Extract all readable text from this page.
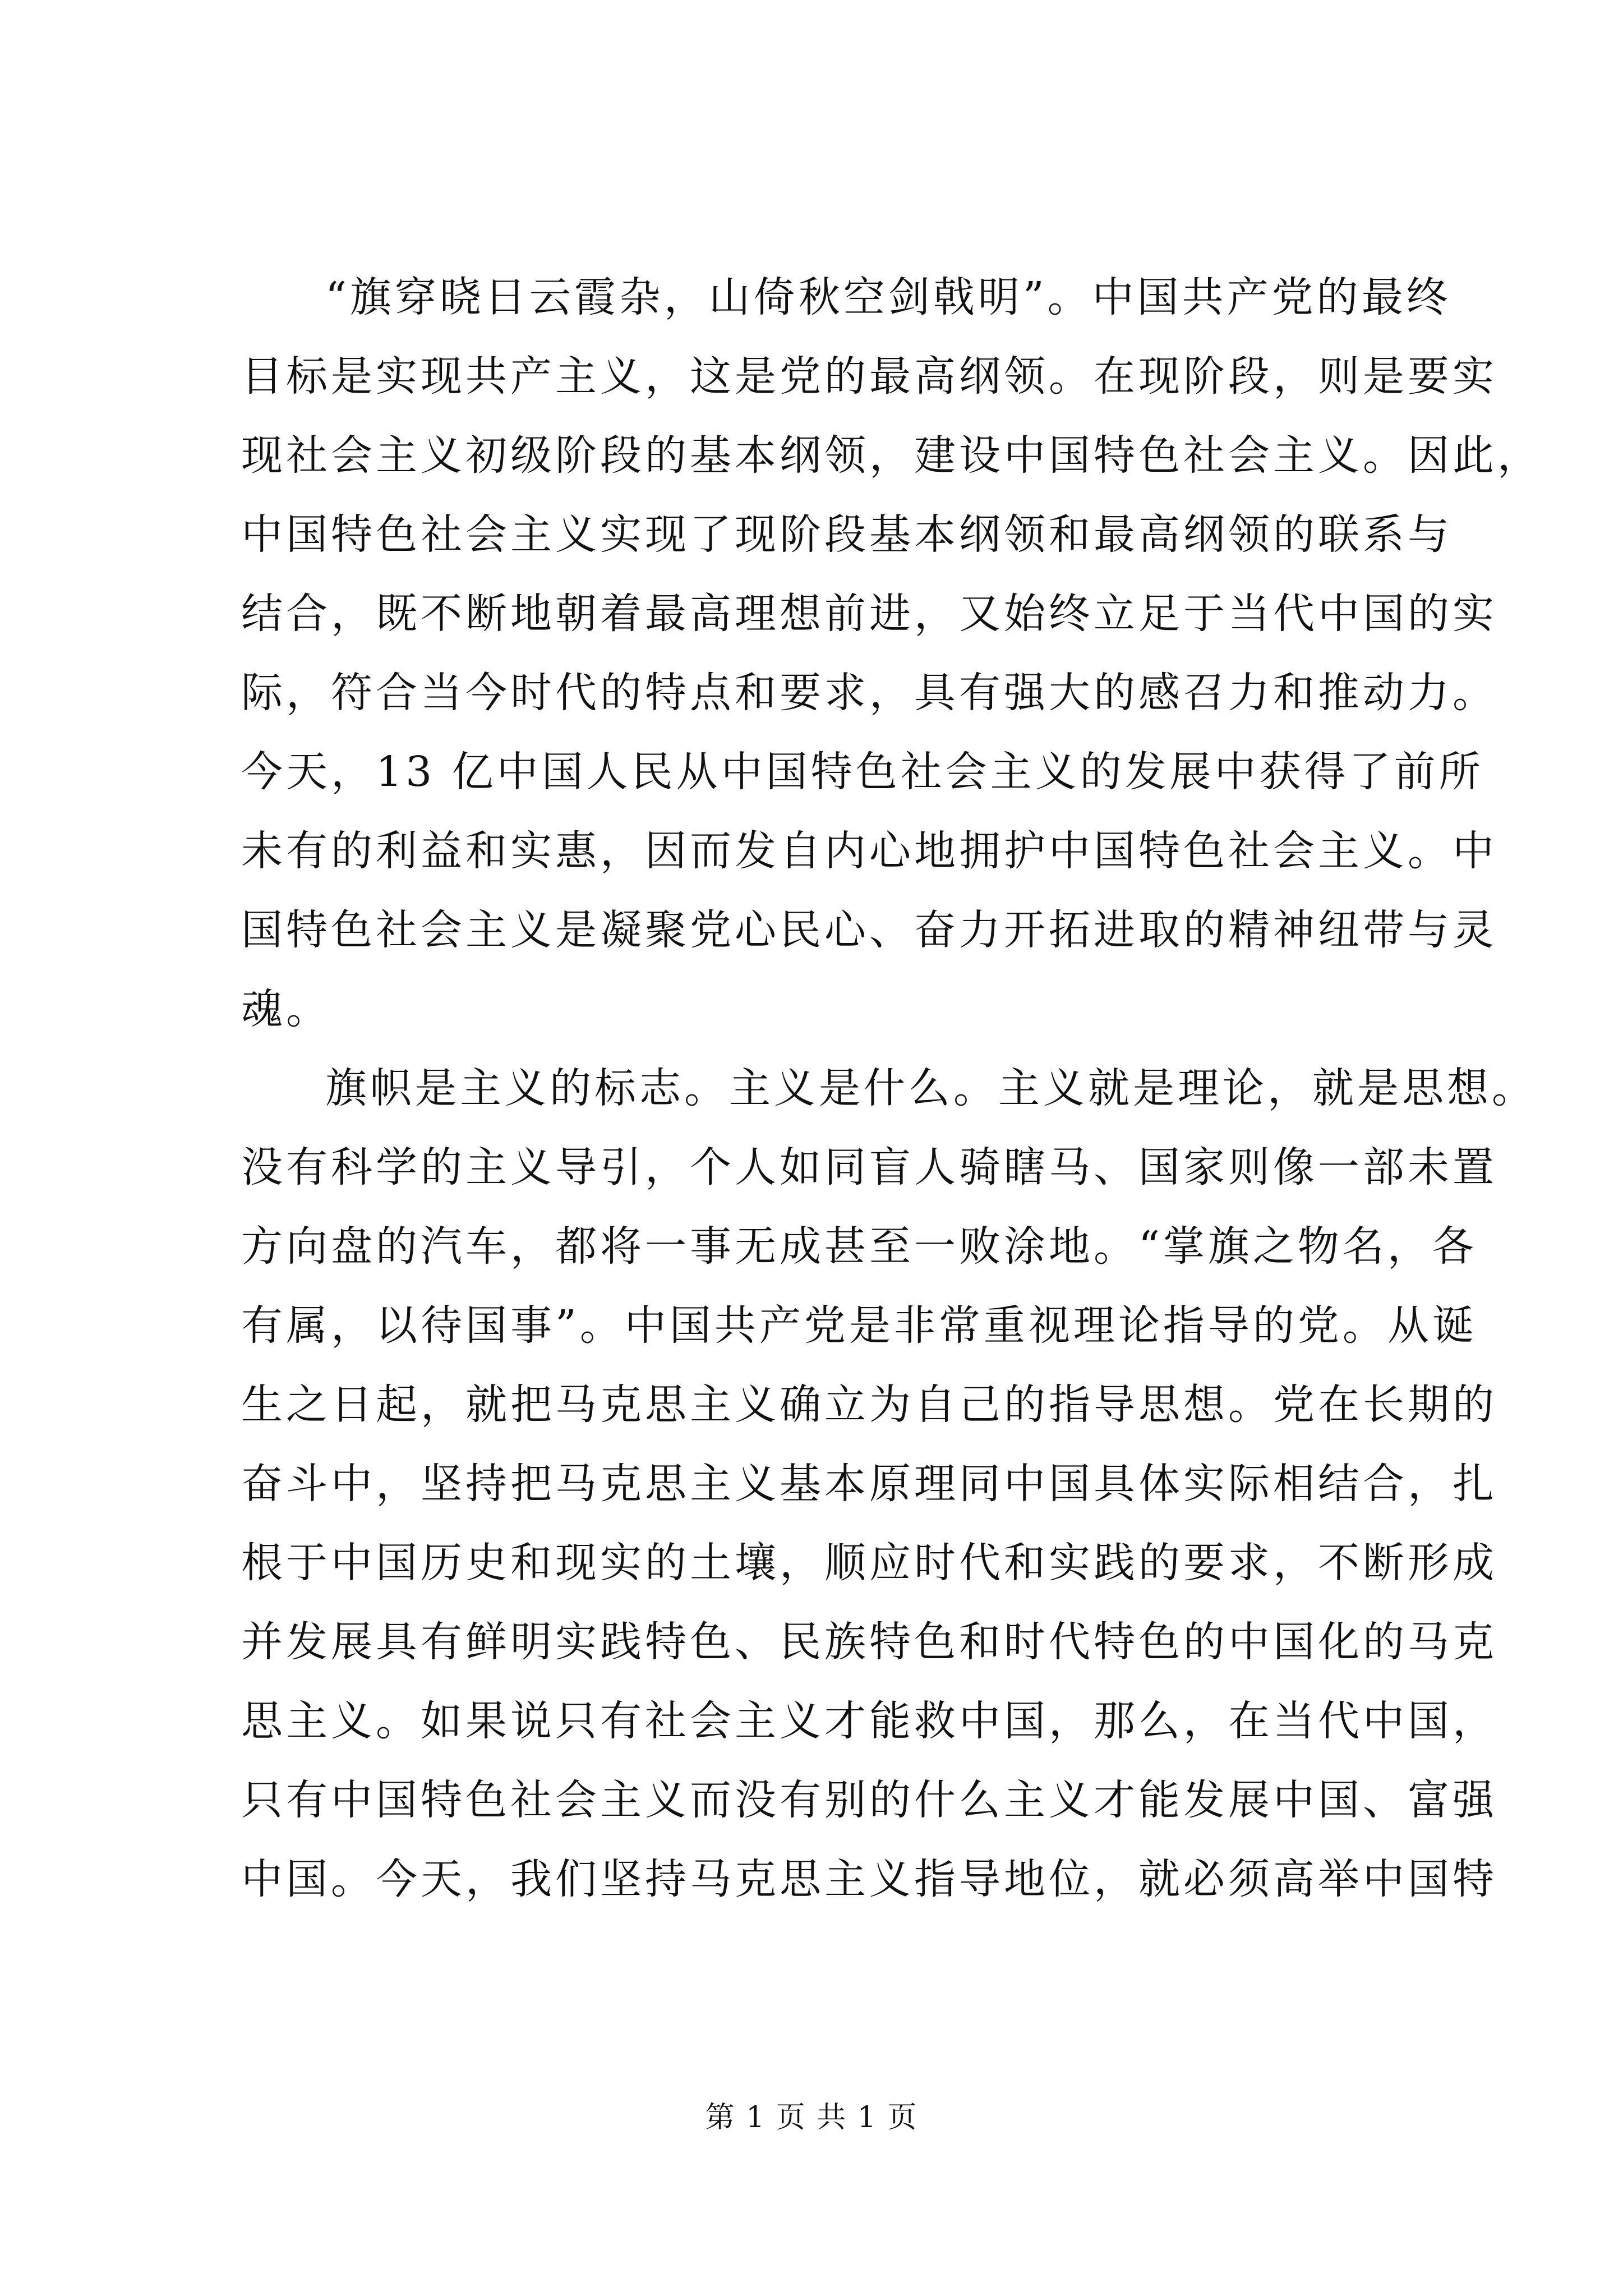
“旗穿晓日云霞杂，山倚秋空剑戟明”。中国共产党的最终
目标是实现共产主义，这是党的最高纲领。在现阶段，则是要实
现社会主义初级阶段的基本纲领，建设中国特色社会主义。因此，
中国特色社会主义实现了现阶段基本纲领和最高纲领的联系与
结合，既不断地朝着最高理想前进，又始终立足于当代中国的实
际，符合当今时代的特点和要求，具有强大的感召力和推动力。
今天，13 亿中国人民从中国特色社会主义的发展中获得了前所
未有的利益和实惠，因而发自内心地拥护中国特色社会主义。中
国特色社会主义是凝聚党心民心、奋力开拓进取的精神纽带与灵
魂。
旗帜是主义的标志。主义是什么。主义就是理论，就是思想。
没有科学的主义导引，个人如同盲人骑瞎马、国家则像一部未置
方向盘的汽车，都将一事无成甚至一败涂地。“掌旗之物名，各
有属，以待国事”。中国共产党是非常重视理论指导的党。从诞
生之日起，就把马克思主义确立为自己的指导思想。党在长期的
奋斗中，坚持把马克思主义基本原理同中国具体实际相结合，扎
根于中国历史和现实的土壤，顺应时代和实践的要求，不断形成
并发展具有鲜明实践特色、民族特色和时代特色的中国化的马克
思主义。如果说只有社会主义才能救中国，那么，在当代中国，
只有中国特色社会主义而没有别的什么主义才能发展中国、富强
中国。今天，我们坚持马克思主义指导地位，就必须高举中国特
第 1 页 共 1 页
